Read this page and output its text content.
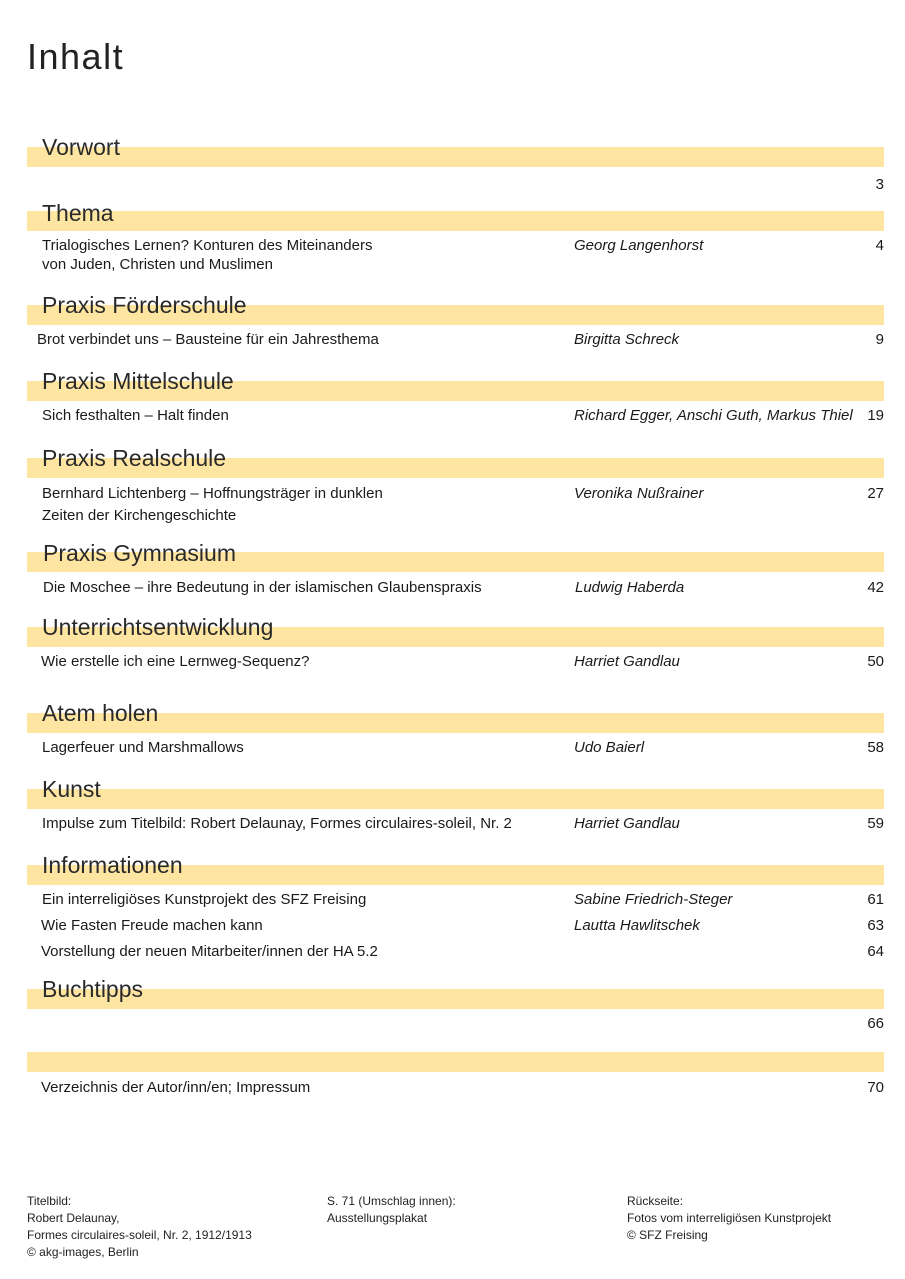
Inhalt
Vorwort
3
Thema
Trialogisches Lernen? Konturen des Miteinanders
von Juden, Christen und Muslimen
Georg Langenhorst	4
Praxis Förderschule
Brot verbindet uns – Bausteine für ein Jahresthema	Birgitta Schreck	9
Praxis Mittelschule
Sich festhalten – Halt finden	Richard Egger, Anschi Guth, Markus Thiel 19
Praxis Realschule
Bernhard Lichtenberg – Hoffnungsträger in dunklen
Zeiten der Kirchengeschichte
Veronika Nußrainer	27
Praxis Gymnasium
Die Moschee – ihre Bedeutung in der islamischen Glaubenspraxis	Ludwig Haberda	42
Unterrichtsentwicklung
Wie erstelle ich eine Lernweg-Sequenz?	Harriet Gandlau	50
Atem holen
Lagerfeuer und Marshmallows	Udo Baierl	58
Kunst
Impulse zum Titelbild: Robert Delaunay, Formes circulaires-soleil, Nr. 2	Harriet Gandlau	59
Informationen
Ein interreligiöses Kunstprojekt des SFZ Freising	Sabine Friedrich-Steger	61
Wie Fasten Freude machen kann	Lautta Hawlitschek	63
Vorstellung der neuen Mitarbeiter/innen der HA 5.2	64
Buchtipps
66
Verzeichnis der Autor/inn/en; Impressum	70
Titelbild:
Robert Delaunay,
Formes circulaires-soleil, Nr. 2, 1912/1913
© akg-images, Berlin
S. 71 (Umschlag innen):
Ausstellungsplakat
Rückseite:
Fotos vom interreligiösen Kunstprojekt
© SFZ Freising
